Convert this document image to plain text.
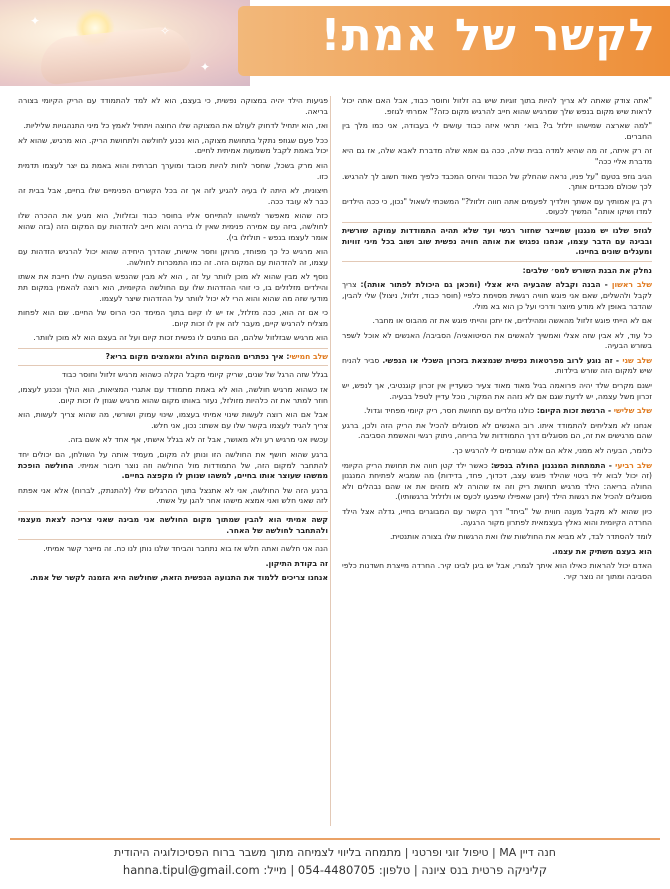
✦
✧
✦
לקשר של אמת!

"אתה צודק שאתה לא צריך להיות בתוך זוגיות שיש בה זלזול וחוסר כבוד, אבל האם אתה יכול לראות שיש מקום בנפש שלך שמרגיש שהוא חייב להרגיש מקום כזה?" אמרתי לגוזפ.

"למה שארצה שמישהו יזלזל בי? בוא׳ תראי איזה כבוד עושים לי בעבודה, אני כמו מלך בין החברים.

זה רק איתה, זה מה שהיא למדה בבית שלה, ככה גם אמא שלה מדברת לאבא שלה, אז גם היא מדברת אליי ככה"

הגיב גוזפ בטעם "על פניו, נראה שהחלק של הכבוד והיחס המכבד כלפיך מאוד חשוב לך להרגיש. לכך שכולם מכבדים אותך.

רק בין אמותיך עם אשתך ויולדיך לפעמים אתה חווה זלזול?" המשכתי לשאול "נכון, כי ככה הילדים למדו ושיקו אותה" המשיך לכעוס.

לגוזפ שלנו יש מנגנון שמייצר שחזור רגשי ועד שלא תהיה התמודדות עמוקה שורשית ובבינה עם הדבר עצמו, אנחנו נפגוש את אותה חוויה נפשית שוב ושוב בכל מיני זוויות ומעגלים שונים בחיינו.

נחלק את הבנת השורש למס׳ שלבים:

שלב ראשון - הבנה וקבלה שהבעיה היא אצלי (ומכאן גם היכולת לפתור אותה): צריך לקבל ולהשלים, שאם אני פוגש חוויה רגשית מסוימת כלפיי (חוסר כבוד, זלזול, ניצול) שלי להבין, שהדבר באופן לא מודע מיוצר ודרכי ועל כן הוא בא מולי.

אם לא הייתי פוגש זלזול מהאשה ומהילדים, אז יתכן והייתי פוגש את זה מהבוס או מחבר.

כל עוד, לא אבין שזה אצלי ואמשיך להאשים את הסיטואציה/ הסביבה/ האנשים לא אוכל לשפר בשורש הבעיה.

שלב שני - זה נוגע לרוב מפרטאות נפשית שנמצאת בזכרון השכלי או הנפשי. סביר להניח שיש למקום הזה שורש בילדות.

ישנם מקרים שלד יהיה פרואמה בגיל מאוד מאוד צעיר כשעדיין אין זכרון קוגנטיבי, אך לנפש, יש זכרון משל עצמה, יש לדעת שגם אם לא נזהה את המקור, נוכל עדיין לטפל בבעיה.

שלב שלישי - הרגשת זכות הקיום: כולנו נולדים עם תחושת חסר, ריק קיומי מפחיד וגדול.

אנחנו לא מצליחים להתמודד איתו. רוב האנשים לא מסוגלים להכיל את הריק הזה ולכן, ברגע שהם מרגישים את זה, הם מסוגלים דרך התמודדות של בריחה, ניתוק רגשי והאשמת הסביבה.

כלומר, הבעיה לא ממני, אלא הם אלה שגורמים לי להרגיש כך.

שלב רביעי - התמתחות המנגנון החולה בנפש: כאשר ילד קטן חווה את תחושת הריק הקיומי (זה יכול לבוא ליד ביטוי שהילד פוגש עצב, דכדוך, פחד, בדידות) מה שמביא לפתיחת המנגנון החולה בריאה: הילד מרגיש תחושת ריק וזה אז שהורה לא מזהים את או שהם נבהלים ולא מסוגלים להכיל את רגשות הילד (יתכן שאפילו שיפגעו לכעס או ולזלזל ברגשותיו).

כיון שהוא לא מקבל מענה חווית של "ביחד" דרך הקשר עם המבוגרים בחייו, גדלה אצל הילד החרדה הקיומית והוא נאלץ בעצמאית לפתרון מקור הרגעה.

לומד להסתדר לבד, לא מביא את החולשות שלו ואת הרגשות שלו בצורה אותנטית.

הוא בעצם משתיק את עצמו.

האדם יכול להראות כאילו הוא איתך לגמרי, אבל יש ביגן לבינו קיר. החרדה מייצרת חשדנות כלפי הסביבה ומתוך זה נוצר קיר.

פגיעות הילד יהיה במצוקה נפשית, כי בעצם, הוא לא למד להתמודד עם הריק הקיומי בצורה בריאה.

ואז, הוא יתחיל לדחוק לעולם את המצוקה שלו החוצה ויתחיל לאמץ כל מיני התנהגויות שליליות.

ככל פעם שגוזפ נתקל בתחושת מצוקה, הוא נכנע לחולשה ולתחושת הריק. הוא מרגיש, שהוא לא יכול באמת לקבל משמעות אמיתית לחיים.

הוא מרק בשכל, שחסר לחות להיות מכובד ומוערך חברתית והוא באמת גם יצר לעצמו תדמית כזו.

חיצונית, לא היתה לו בעיה להגיע לזה אך זה בכל הקשרים הפנימיים שלו בחיים, אבל בבית זה כבר לא עובד ככה.

כזה שהוא מאפשר למישהו להתייחס אליו בחוסר כבוד ובזלזול, הוא מגיע את ההכרה שלו לחולשה, ביזה עם אמירה פנימית שאין לו ברירה והוא חייב להזדהות עם המקום הזה (בזה שהוא אומר לעצמו בנפש - תולזלו בי).

הוא מרגיש כל כך מפוחד, מרוקן וחסר אישיות, שהדרך היחידה שהוא יכול להרגיש הזדהות עם עצמו, זה להזדהות עם המקום הזה. זה כמו התמכרות לחולשה.

נוסף לא מבין שהוא לא מוכן לוותר על זה , הוא לא מבין שהנפש הפגועה שלו חייבת את אשתו והילדים מזלזלים בו, כי זוהי ההזדהות שלו עם החולשה הקיומית, הוא רוצה להאמין במקום תת מודעי שזה מה שהוא והוא הרי לא יכול לוותר על ההזדהות שיצר לעצמו.

כי אם זה הוא, ככה מזלזל, אז יש לו קיום בתוך המימד הכי הרוס של החיים. שם הוא לפחות מצליח להרגיש קיים, מעבר לזה אין לו זכות קיום.

הוא מרגיש שבזלזול שלהם, הם נותנים לו נפשית זכות קיום ועל זה בעצם הוא לא מוכן לוותר.

שלב חמישי: איך נפתרים מהמקום החולה ומאמצים מקום בריא?

בגלל שזה הרגל של שנים, שריק קיומי מקבל הקלה כשהוא מרגיש זלזול וחוסר כבוד

אז כשהוא מרגיש חולשה, הוא לא באמת מתמודד עם אתגרי המציאות, הוא הולך ונכנע לעצמו, חוזר למתר את זה כלהיות מזולזל, נעזר באותו מקום שהוא מרגיש שגוזן לו זכות קיום.

אבל אם הוא רוצה לעשות שינוי אמיתי בעצמו, שינוי עמוק ושורשי, מה שהוא צריך לעשות, הוא צריך להגיד לעצמו בקשר שלו עם אשתו: נכון, אני חלש.

עכשיו אני מרגיש רע ולא מאושר, אבל זה לא בגלל אישתי, אף אחד לא אשם בזה.

ברגע שהוא חושף את החולשה הזו ונותן לה מקום, מעמיד אותה על השולחן, הם יכולים יחד להתחבר למקום הזה, של התמודדות מול החולשה וזה נוצר חיבור אמיתי. החולשה הופכת ממשהו שעוצר אותו בחיים, למשהו שנותן לו מקפצה בחיים.

ברגע הזה של החולשה, אני לא אתנצל בתוך ההרגלים שלי (להתנתק, לברוח) אלא אני אפתח לזה שאני חלש ואני אמצא מישהו אחר להגן על אשתי.

קשה אמיתי הוא להבין שמתוך מקום החולשה אני מבינה שאני צריכה לצאת מעצמי ולהתחבר לחולשה של האחר.

הנה אני חלשה ואתה חלש אז בוא נתחבר והביחד שלנו נותן לנו כח. זה מייצר קשר אמיתי.

זה בקודת התיקון.

אנחנו צריכים ללמוד את התנועה הנפשית הזאת, שחולשה היא הזמנה לקשר של אמת.

חנה דיין MA | טיפול זוגי ופרטני | מתמחה בליווי לצמיחה מתוך משבר ברוח הפסיכולוגיה היהודית
קליניקה פרטית בנס ציונה | טלפון: 054-4480705 | מייל: hanna.tipul@gmail.com
